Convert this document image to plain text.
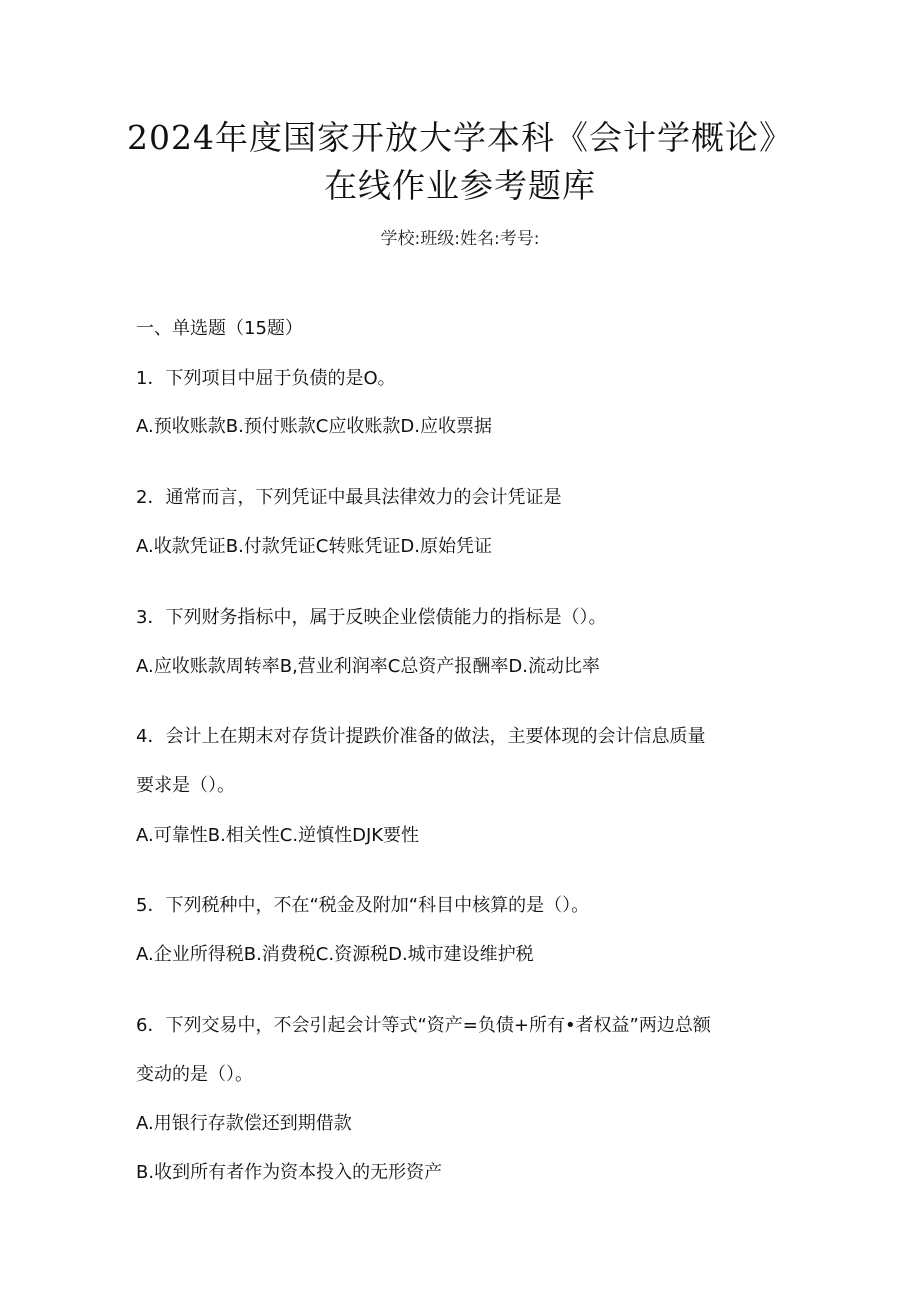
2024年度国家开放大学本科《会计学概论》
在线作业参考题库
学校:班级:姓名:考号:
一、单选题（15题）
1．下列项目中屈于负债的是O。
A.预收账款B.预付账款C应收账款D.应收票据
2．通常而言，下列凭证中最具法律效力的会计凭证是
A.收款凭证B.付款凭证C转账凭证D.原始凭证
3．下列财务指标中，属于反映企业偿债能力的指标是（）。
A.应收账款周转率B,营业利润率C总资产报酬率D.流动比率
4．会计上在期末对存货计提跌价准备的做法，主要体现的会计信息质量
要求是（）。
A.可靠性B.相关性C.逆慎性DJK要性
5．下列税种中，不在“税金及附加“科目中核算的是（）。
A.企业所得税B.消费税C.资源税D.城市建设维护税
6．下列交易中，不会引起会计等式“资产=负债+所有•者权益”两边总额
变动的是（）。
A.用银行存款偿还到期借款
B.收到所有者作为资本投入的无形资产
